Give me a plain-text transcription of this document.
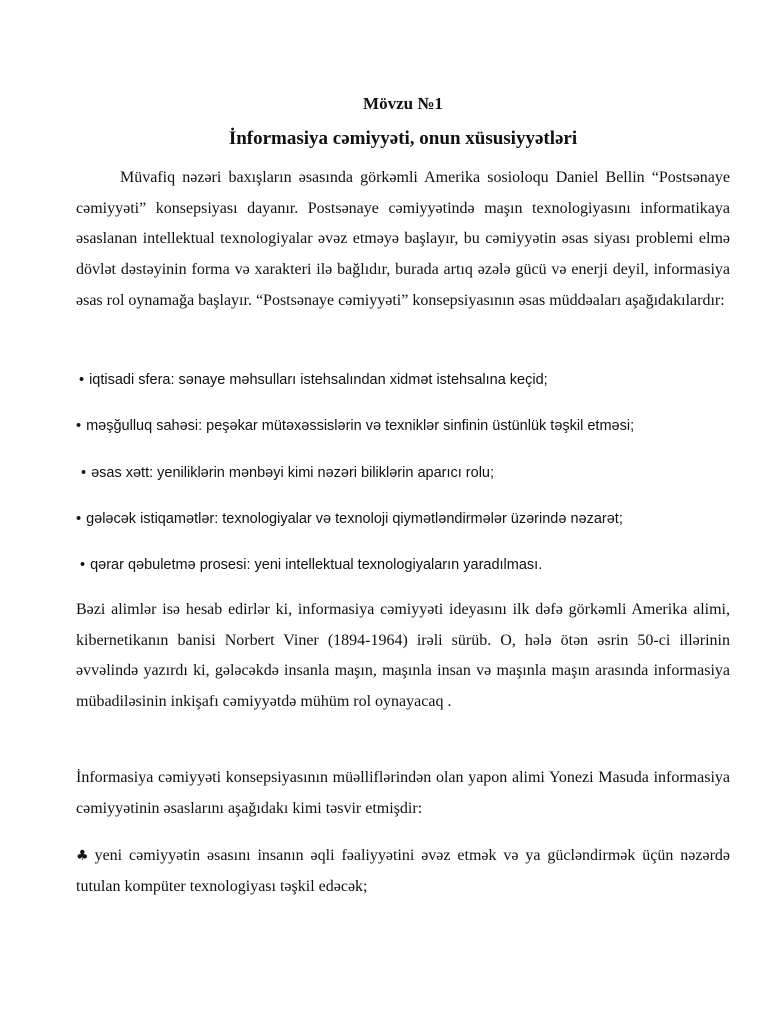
Mövzu №1
İnformasiya cəmiyyəti, onun xüsusiyyətləri

Müvafiq nəzəri baxışların əsasında görkəmli Amerika sosioloqu Daniel Bellin “Postsənaye cəmiyyəti” konsepsiyası dayanır. Postsənaye cəmiyyətində maşın texnologiyasını informatikaya əsaslanan intellektual texnologiyalar əvəz etməyə başlayır, bu cəmiyyətin əsas siyası problemi elmə dövlət dəstəyinin forma və xarakteri ilə bağlıdır, burada artıq əzələ gücü və enerji deyil, informasiya əsas rol oynamağa başlayır. “Postsənaye cəmiyyəti” konsepsiyasının əsas müddəaları aşağıdakılardır:

• iqtisadi sfera: sənaye məhsulları istehsalından xidmət istehsalına keçid;
• məşğulluq sahəsi: peşəkar mütəxəssislərin və texniklər sinfinin üstünlük təşkil etməsi;
• əsas xətt: yeniliklərin mənbəyi kimi nəzəri biliklərin aparıcı rolu;
• gələcək istiqamətlər: texnologiyalar və texnoloji qiymətləndirmələr üzərində nəzarət;
• qərar qəbuletmə prosesi: yeni intellektual texnologiyaların yaradılması.

Bəzi alimlər isə hesab edirlər ki, informasiya cəmiyyəti ideyasını ilk dəfə görkəmli Amerika alimi, kibernetikanın banisi Norbert Viner (1894-1964) irəli sürüb. O, hələ ötən əsrin 50-ci illərinin əvvəlində yazırdı ki, gələcəkdə insanla maşın, maşınla insan və maşınla maşın arasında informasiya mübadiləsinin inkişafı cəmiyyətdə mühüm rol oynayacaq .

İnformasiya cəmiyyəti konsepsiyasının müəlliflərindən olan yapon alimi Yonezi Masuda informasiya cəmiyyətinin əsaslarını aşağıdakı kimi təsvir etmişdir:

♣ yeni cəmiyyətin əsasını insanın əqli fəaliyyətini əvəz etmək və ya gücləndirmək üçün nəzərdə tutulan kompüter texnologiyası təşkil edəcək;
